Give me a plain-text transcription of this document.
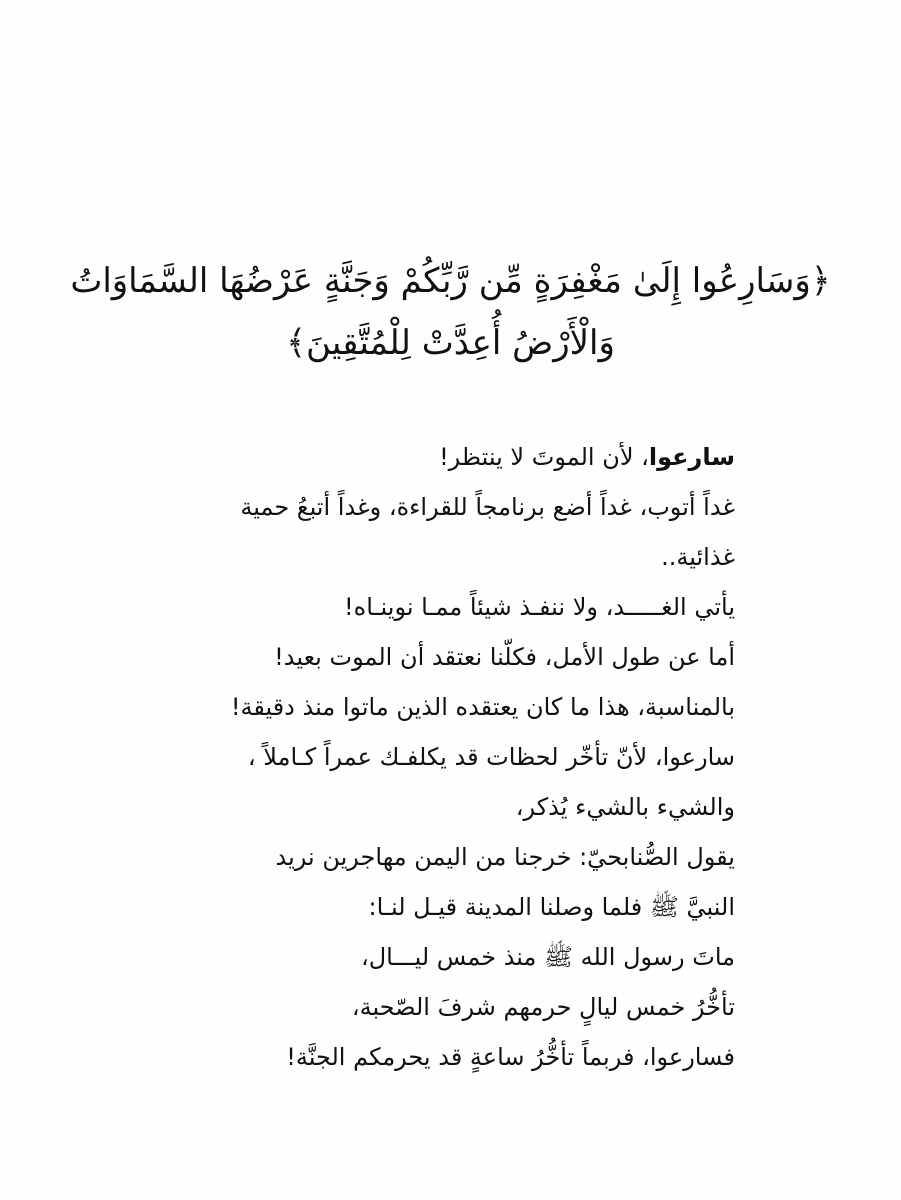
﴿وَسَارِعُوا إِلَىٰ مَغْفِرَةٍ مِّن رَّبِّكُمْ وَجَنَّةٍ عَرْضُهَا السَّمَاوَاتُ
وَالْأَرْضُ أُعِدَّتْ لِلْمُتَّقِينَ﴾
سارعوا، لأن الموتَ لا ينتظر!
غداً أتوب، غداً أضع برنامجاً للقراءة، وغداً أتبعُ حمية
غذائية..
يأتي الغـــــد، ولا ننفـذ شيئاً ممـا نوينـاه!
أما عن طول الأمل، فكلّنا نعتقد أن الموت بعيد!
بالمناسبة، هذا ما كان يعتقده الذين ماتوا منذ دقيقة!
سارعوا، لأنّ تأخّر لحظات قد يكلفـك عمراً كـاملاً ،
والشيء بالشيء يُذكر،
يقول الصُّنابحيّ: خرجنا من اليمن مهاجرين نريد
النبيَّ ﷺ فلما وصلنا المدينة قيـل لنـا:
ماتَ رسول الله ﷺ منذ خمس ليـــال،
تأخُّرُ خمس ليالٍ حرمهم شرفَ الصّحبة،
فسارعوا، فربماً تأخُّرُ ساعةٍ قد يحرمكم الجنَّة!
